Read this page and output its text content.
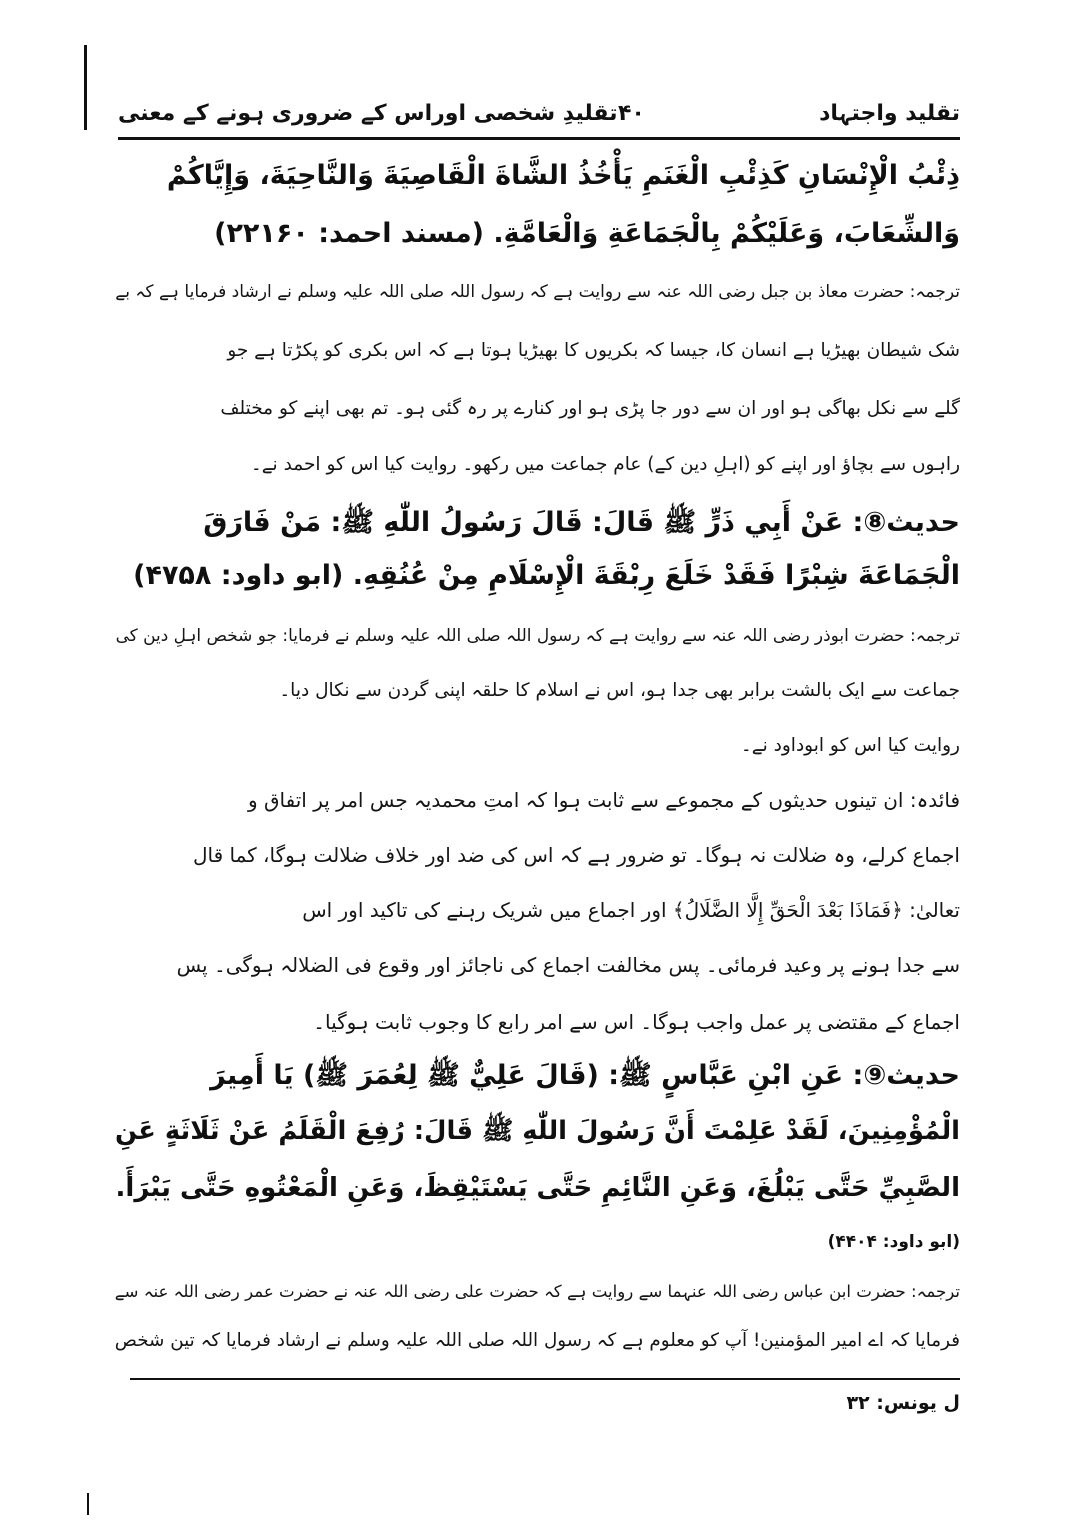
تقلید واجتہاد
۴۰
تقلیدِ شخصی اوراس کے ضروری ہونے کے معنی
ذِئْبُ الْإِنْسَانِ كَذِئْبِ الْغَنَمِ يَأْخُذُ الشَّاةَ الْقَاصِيَةَ وَالنَّاحِيَةَ، وَإِيَّاكُمْ
وَالشِّعَابَ، وَعَلَيْكُمْ بِالْجَمَاعَةِ وَالْعَامَّةِ. (مسند احمد: ۲۲۱۶۰)
ترجمہ: حضرت معاذ بن جبل رضی اللہ عنہ سے روایت ہے کہ رسول اللہ صلی اللہ علیہ وسلم نے ارشاد فرمایا ہے کہ بے
شک شیطان بھیڑیا ہے انسان کا، جیسا کہ بکریوں کا بھیڑیا ہوتا ہے کہ اس بکری کو پکڑتا ہے جو
گلے سے نکل بھاگی ہو اور ان سے دور جا پڑی ہو اور کنارے پر رہ گئی ہو۔ تم بھی اپنے کو مختلف
راہوں سے بچاؤ اور اپنے کو (اہلِ دین کے) عام جماعت میں رکھو۔ روایت کیا اس کو احمد نے۔
حدیث⑧: عَنْ أَبِي ذَرٍّ ﷺ قَالَ: قَالَ رَسُولُ اللّٰهِ ﷺ: مَنْ فَارَقَ
الْجَمَاعَةَ شِبْرًا فَقَدْ خَلَعَ رِبْقَةَ الْإِسْلَامِ مِنْ عُنُقِهِ. (ابو داود: ۴۷۵۸)
ترجمہ: حضرت ابوذر رضی اللہ عنہ سے روایت ہے کہ رسول اللہ صلی اللہ علیہ وسلم نے فرمایا: جو شخص اہلِ دین کی
جماعت سے ایک بالشت برابر بھی جدا ہو، اس نے اسلام کا حلقہ اپنی گردن سے نکال دیا۔
روایت کیا اس کو ابوداود نے۔
فائدہ: ان تینوں حدیثوں کے مجموعے سے ثابت ہوا کہ امتِ محمدیہ جس امر پر اتفاق و
اجماع کرلے، وہ ضلالت نہ ہوگا۔ تو ضرور ہے کہ اس کی ضد اور خلاف ضلالت ہوگا، کما قال
تعالیٰ: ﴿فَمَاذَا بَعْدَ الْحَقِّ إِلَّا الضَّلَالُ﴾ اور اجماع میں شریک رہنے کی تاکید اور اس
سے جدا ہونے پر وعید فرمائی۔ پس مخالفت اجماع کی ناجائز اور وقوع فی الضلالہ ہوگی۔ پس
اجماع کے مقتضی پر عمل واجب ہوگا۔ اس سے امر رابع کا وجوب ثابت ہوگیا۔
حدیث⑨: عَنِ ابْنِ عَبَّاسٍ ﷺ: (قَالَ عَلِيٌّ ﷺ لِعُمَرَ ﷺ) يَا أَمِيرَ
الْمُؤْمِنِينَ، لَقَدْ عَلِمْتَ أَنَّ رَسُولَ اللّٰهِ ﷺ قَالَ: رُفِعَ الْقَلَمُ عَنْ ثَلَاثَةٍ عَنِ
الصَّبِيِّ حَتَّى يَبْلُغَ، وَعَنِ النَّائِمِ حَتَّى يَسْتَيْقِظَ، وَعَنِ الْمَعْتُوهِ حَتَّى يَبْرَأَ.
(ابو داود: ۴۴۰۴)
ترجمہ: حضرت ابن عباس رضی اللہ عنہما سے روایت ہے کہ حضرت علی رضی اللہ عنہ نے حضرت عمر رضی اللہ عنہ سے
فرمایا کہ اے امیر المؤمنین! آپ کو معلوم ہے کہ رسول اللہ صلی اللہ علیہ وسلم نے ارشاد فرمایا کہ تین شخص
ل یونس: ۳۲
